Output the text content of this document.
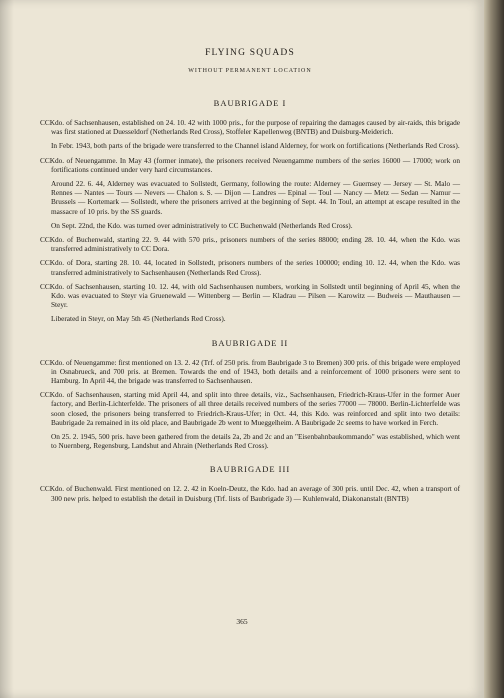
FLYING SQUADS
WITHOUT PERMANENT LOCATION
BAUBRIGADE I

CCKdo. of Sachsenhausen, established on 24. 10. 42 with 1000 pris., for the purpose of repairing the damages caused by air-raids, this brigade was first stationed at Duesseldorf (Netherlands Red Cross), Stoffeler Kapellenweg (BNTB) and Duisburg-Meiderich.

In Febr. 1943, both parts of the brigade were transferred to the Channel island Alderney, for work on fortifications (Netherlands Red Cross).

CCKdo. of Neuengamme. In May 43 (former inmate), the prisoners received Neuengamme numbers of the series 16000 — 17000; work on fortifications continued under very hard circumstances.

Around 22. 6. 44, Alderney was evacuated to Sollstedt, Germany, following the route: Alderney — Guernsey — Jersey — St. Malo — Rennes — Nantes — Tours — Nevers — Chalon s. S. — Dijon — Landres — Epinal — Toul — Nancy — Metz — Sedan — Namur — Brussels — Kortemark — Sollstedt, where the prisoners arrived at the beginning of Sept. 44. In Toul, an attempt at escape resulted in the massacre of 10 pris. by the SS guards.

On Sept. 22nd, the Kdo. was turned over administratively to CC Buchenwald (Netherlands Red Cross).

CCKdo. of Buchenwald, starting 22. 9. 44 with 570 pris., prisoners numbers of the series 88000; ending 28. 10. 44, when the Kdo. was transferred administratively to CC Dora.

CCKdo. of Dora, starting 28. 10. 44, located in Sollstedt, prisoners numbers of the series 100000; ending 10. 12. 44, when the Kdo. was transferred administratively to Sachsenhausen (Netherlands Red Cross).

CCKdo. of Sachsenhausen, starting 10. 12. 44, with old Sachsenhausen numbers, working in Sollstedt until beginning of April 45, when the Kdo. was evacuated to Steyr via Gruenewald — Wittenberg — Berlin — Kladrau — Pilsen — Karowitz — Budweis — Mauthausen — Steyr.

Liberated in Steyr, on May 5th 45 (Netherlands Red Cross).

BAUBRIGADE II

CCKdo. of Neuengamme: first mentioned on 13. 2. 42 (Trf. of 250 pris. from Baubrigade 3 to Bremen) 300 pris. of this brigade were employed in Osnabrueck, and 700 pris. at Bremen. Towards the end of 1943, both details and a reinforcement of 1000 prisoners were sent to Hamburg. In April 44, the brigade was transferred to Sachsenhausen.

CCKdo. of Sachsenhausen, starting mid April 44, and split into three details, viz., Sachsenhausen, Friedrich-Kraus-Ufer in the former Auer factory, and Berlin-Lichterfelde. The prisoners of all three details received numbers of the series 77000 — 78000. Berlin-Lichterfelde was soon closed, the prisoners being transferred to Friedrich-Kraus-Ufer; in Oct. 44, this Kdo. was reinforced and split into two details: Baubrigade 2a remained in its old place, and Baubrigade 2b went to Mueggelheim. A Baubrigade 2c seems to have worked in Ferch.

On 25. 2. 1945, 500 pris. have been gathered from the details 2a, 2b and 2c and an "Eisenbahnbaukommando" was established, which went to Nuernberg, Regensburg, Landshut and Ahrain (Netherlands Red Cross).

BAUBRIGADE III

CCKdo. of Buchenwald. First mentioned on 12. 2. 42 in Koeln-Deutz, the Kdo. had an average of 300 pris. until Dec. 42, when a transport of 300 new pris. helped to establish the detail in Duisburg (Trf. lists of Baubrigade 3) — Kuhlenwald, Diakonanstalt (BNTB)

365
